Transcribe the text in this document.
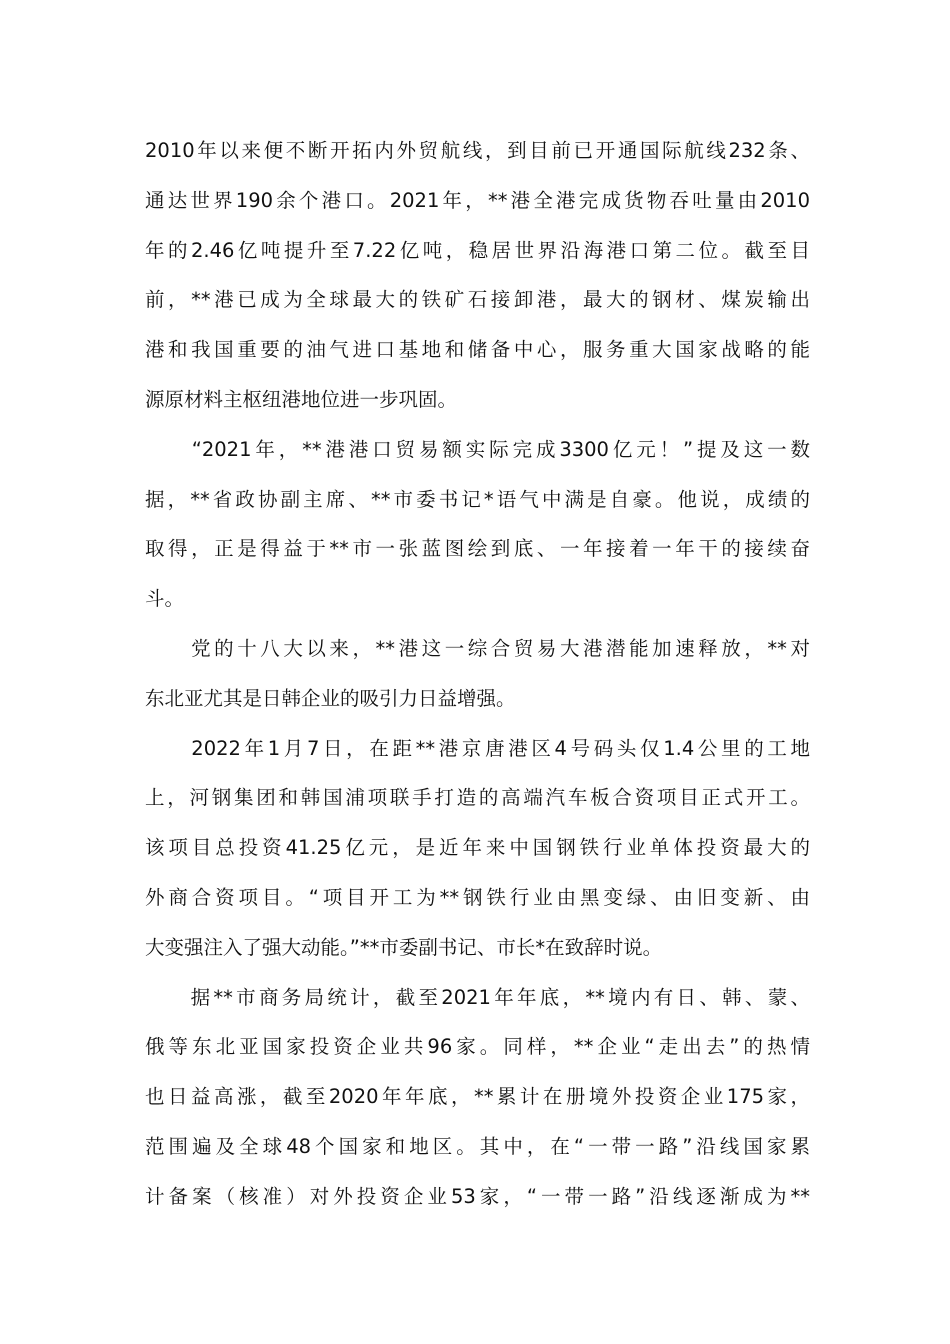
2010年以来便不断开拓内外贸航线，到目前已开通国际航线232条、
通达世界190余个港口。2021年，**港全港完成货物吞吐量由2010
年的2.46亿吨提升至7.22亿吨，稳居世界沿海港口第二位。截至目
前，**港已成为全球最大的铁矿石接卸港，最大的钢材、煤炭输出
港和我国重要的油气进口基地和储备中心，服务重大国家战略的能
源原材料主枢纽港地位进一步巩固。

　　“2021年，**港港口贸易额实际完成3300亿元！”提及这一数
据，**省政协副主席、**市委书记*语气中满是自豪。他说，成绩的
取得，正是得益于**市一张蓝图绘到底、一年接着一年干的接续奋
斗。

　　党的十八大以来，**港这一综合贸易大港潜能加速释放，**对
东北亚尤其是日韩企业的吸引力日益增强。

　　2022年1月7日，在距**港京唐港区4号码头仅1.4公里的工地
上，河钢集团和韩国浦项联手打造的高端汽车板合资项目正式开工。
该项目总投资41.25亿元，是近年来中国钢铁行业单体投资最大的
外商合资项目。“项目开工为**钢铁行业由黑变绿、由旧变新、由
大变强注入了强大动能。”**市委副书记、市长*在致辞时说。

　　据**市商务局统计，截至2021年年底，**境内有日、韩、蒙、
俄等东北亚国家投资企业共96家。同样，**企业“走出去”的热情
也日益高涨，截至2020年年底，**累计在册境外投资企业175家，
范围遍及全球48个国家和地区。其中，在“一带一路”沿线国家累
计备案（核准）对外投资企业53家，“一带一路”沿线逐渐成为**
